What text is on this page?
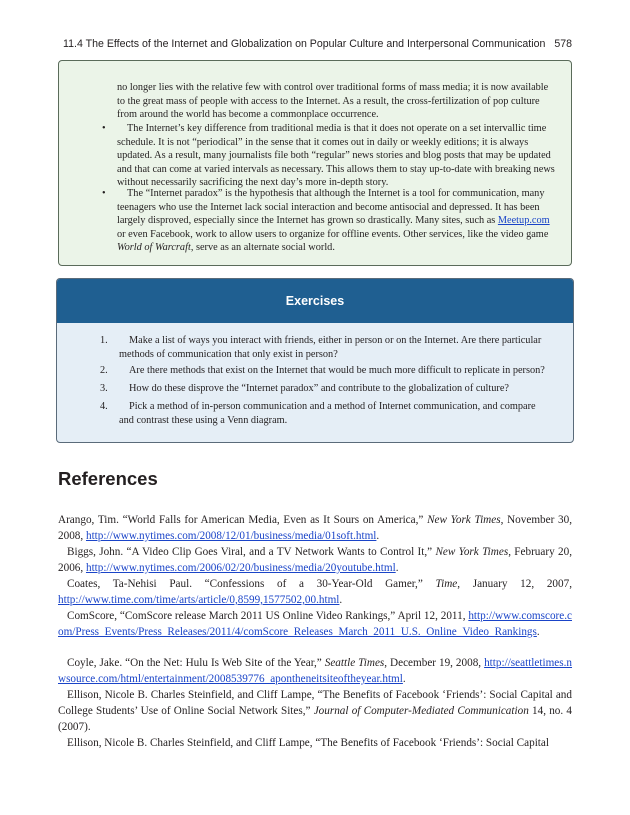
11.4 The Effects of the Internet and Globalization on Popular Culture and Interpersonal Communication 578
no longer lies with the relative few with control over traditional forms of mass media; it is now available to the great mass of people with access to the Internet. As a result, the cross-fertilization of pop culture from around the world has become a commonplace occurrence.
• The Internet’s key difference from traditional media is that it does not operate on a set intervallic time schedule. It is not “periodical” in the sense that it comes out in daily or weekly editions; it is always updated. As a result, many journalists file both “regular” news stories and blog posts that may be updated and that can come at varied intervals as necessary. This allows them to stay up-to-date with breaking news without necessarily sacrificing the next day’s more in-depth story.
• The “Internet paradox” is the hypothesis that although the Internet is a tool for communication, many teenagers who use the Internet lack social interaction and become antisocial and depressed. It has been largely disproved, especially since the Internet has grown so drastically. Many sites, such as Meetup.com or even Facebook, work to allow users to organize for offline events. Other services, like the video game World of Warcraft, serve as an alternate social world.
Exercises
1. Make a list of ways you interact with friends, either in person or on the Internet. Are there particular methods of communication that only exist in person?
2. Are there methods that exist on the Internet that would be much more difficult to replicate in person?
3. How do these disprove the “Internet paradox” and contribute to the globalization of culture?
4. Pick a method of in-person communication and a method of Internet communication, and compare and contrast these using a Venn diagram.
References
Arango, Tim. “World Falls for American Media, Even as It Sours on America,” New York Times, November 30, 2008, http://www.nytimes.com/2008/12/01/business/media/01soft.html.
Biggs, John. “A Video Clip Goes Viral, and a TV Network Wants to Control It,” New York Times, February 20, 2006, http://www.nytimes.com/2006/02/20/business/media/20youtube.html.
Coates, Ta-Nehisi Paul. “Confessions of a 30-Year-Old Gamer,” Time, January 12, 2007, http://www.time.com/time/arts/article/0,8599,1577502,00.html.
ComScore, “ComScore release March 2011 US Online Video Rankings,” April 12, 2011, http://www.comscore.com/Press_Events/Press_Releases/2011/4/comScore_Releases_March_2011_U.S._Online_Video_Rankings.
Coyle, Jake. “On the Net: Hulu Is Web Site of the Year,” Seattle Times, December 19, 2008, http://seattletimes.nwsource.com/html/entertainment/2008539776_apontheneitsiteoftheyear.html.
Ellison, Nicole B. Charles Steinfield, and Cliff Lampe, “The Benefits of Facebook ‘Friends’: Social Capital and College Students’ Use of Online Social Network Sites,” Journal of Computer-Mediated Communication 14, no. 4 (2007).
Ellison, Nicole B. Charles Steinfield, and Cliff Lampe, “The Benefits of Facebook ‘Friends’: Social Capital
